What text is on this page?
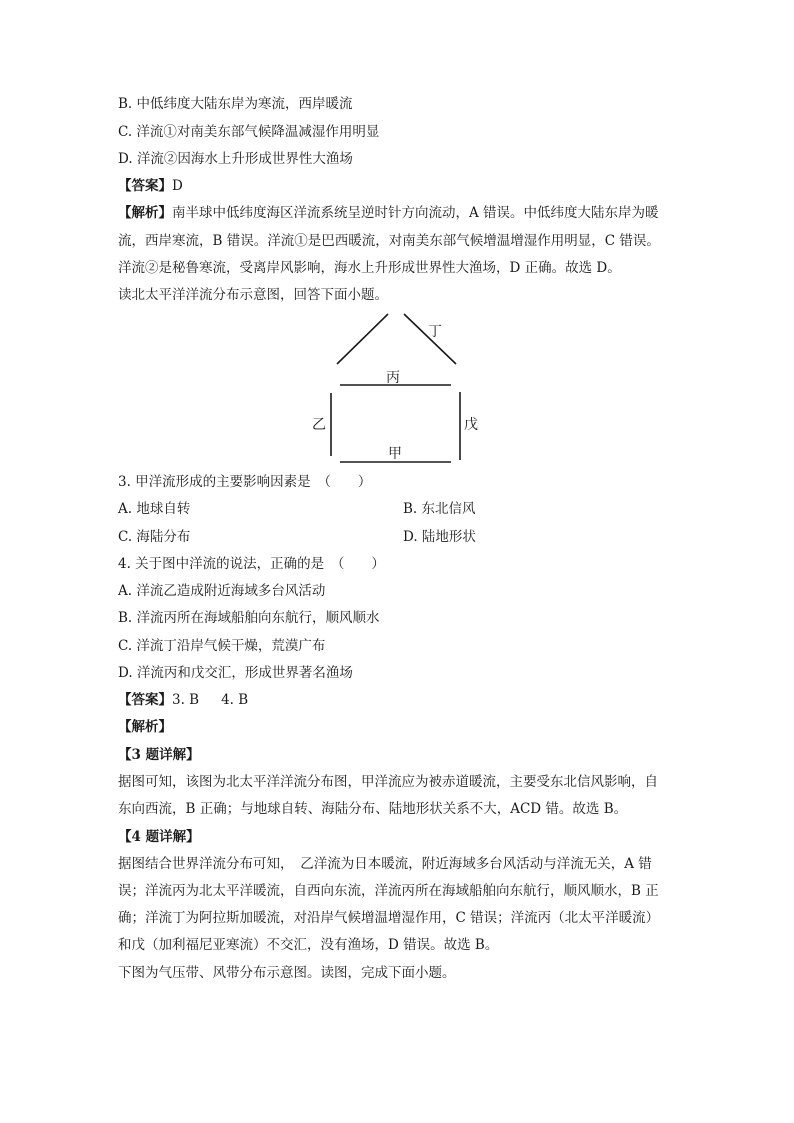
B. 中低纬度大陆东岸为寒流，西岸暖流
C. 洋流①对南美东部气候降温减湿作用明显
D. 洋流②因海水上升形成世界性大渔场
【答案】D
【解析】南半球中低纬度海区洋流系统呈逆时针方向流动，A 错误。中低纬度大陆东岸为暖
流，西岸寒流，B 错误。洋流①是巴西暖流，对南美东部气候增温增湿作用明显，C 错误。
洋流②是秘鲁寒流，受离岸风影响，海水上升形成世界性大渔场，D 正确。故选 D。
读北太平洋洋流分布示意图，回答下面小题。
丁
丙
乙	戊
甲
3. 甲洋流形成的主要影响因素是　（　　）
A. 地球自转	B. 东北信风
C. 海陆分布	D. 陆地形状
4. 关于图中洋流的说法，正确的是　（　　）
A. 洋流乙造成附近海域多台风活动
B. 洋流丙所在海域船舶向东航行，顺风顺水
C. 洋流丁沿岸气候干燥，荒漠广布
D. 洋流丙和戊交汇，形成世界著名渔场
【答案】3. B 4. B
【解析】
【3 题详解】
据图可知，该图为北太平洋洋流分布图，甲洋流应为被赤道暖流，主要受东北信风影响，自
东向西流，B 正确；与地球自转、海陆分布、陆地形状关系不大，ACD 错。故选 B。
【4 题详解】
据图结合世界洋流分布可知，　乙洋流为日本暖流，附近海域多台风活动与洋流无关，A 错
误；洋流丙为北太平洋暖流，自西向东流，洋流丙所在海域船舶向东航行，顺风顺水，B 正
确；洋流丁为阿拉斯加暖流，对沿岸气候增温增湿作用，C 错误；洋流丙（北太平洋暖流）
和戊（加利福尼亚寒流）不交汇，没有渔场，D 错误。故选 B。
下图为气压带、风带分布示意图。读图，完成下面小题。
